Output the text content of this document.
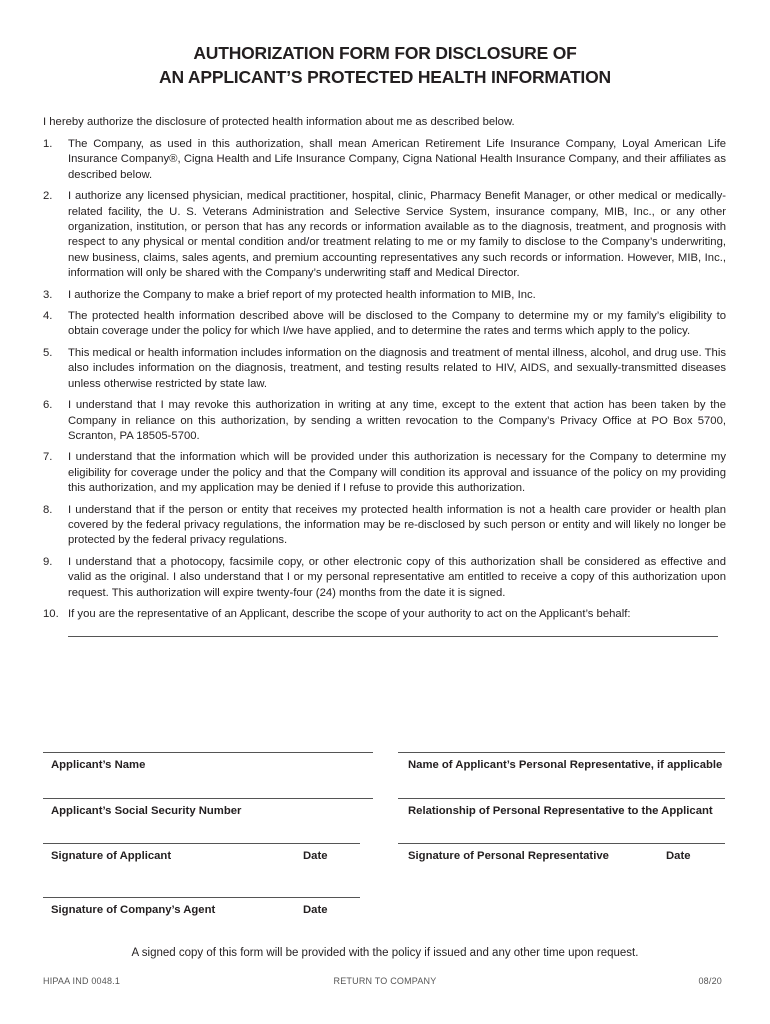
AUTHORIZATION FORM FOR DISCLOSURE OF
AN APPLICANT’S PROTECTED HEALTH INFORMATION

I hereby authorize the disclosure of protected health information about me as described below.

1. The Company, as used in this authorization, shall mean American Retirement Life Insurance Company, Loyal American Life Insurance Company®, Cigna Health and Life Insurance Company, Cigna National Health Insurance Company, and their affiliates as described below.
2. I authorize any licensed physician, medical practitioner, hospital, clinic, Pharmacy Benefit Manager, or other medical or medically-related facility, the U. S. Veterans Administration and Selective Service System, insurance company, MIB, Inc., or any other organization, institution, or person that has any records or information available as to the diagnosis, treatment, and prognosis with respect to any physical or mental condition and/or treatment relating to me or my family to disclose to the Company’s underwriting, new business, claims, sales agents, and premium accounting representatives any such records or information. However, MIB, Inc., information will only be shared with the Company’s underwriting staff and Medical Director.
3. I authorize the Company to make a brief report of my protected health information to MIB, Inc.
4. The protected health information described above will be disclosed to the Company to determine my or my family’s eligibility to obtain coverage under the policy for which I/we have applied, and to determine the rates and terms which apply to the policy.
5. This medical or health information includes information on the diagnosis and treatment of mental illness, alcohol, and drug use. This also includes information on the diagnosis, treatment, and testing results related to HIV, AIDS, and sexually-transmitted diseases unless otherwise restricted by state law.
6. I understand that I may revoke this authorization in writing at any time, except to the extent that action has been taken by the Company in reliance on this authorization, by sending a written revocation to the Company’s Privacy Office at PO Box 5700, Scranton, PA 18505-5700.
7. I understand that the information which will be provided under this authorization is necessary for the Company to determine my eligibility for coverage under the policy and that the Company will condition its approval and issuance of the policy on my providing this authorization, and my application may be denied if I refuse to provide this authorization.
8. I understand that if the person or entity that receives my protected health information is not a health care provider or health plan covered by the federal privacy regulations, the information may be re-disclosed by such person or entity and will likely no longer be protected by the federal privacy regulations.
9. I understand that a photocopy, facsimile copy, or other electronic copy of this authorization shall be considered as effective and valid as the original. I also understand that I or my personal representative am entitled to receive a copy of this authorization upon request. This authorization will expire twenty-four (24) months from the date it is signed.
10. If you are the representative of an Applicant, describe the scope of your authority to act on the Applicant’s behalf:

Applicant’s Name	Name of Applicant’s Personal Representative, if applicable

Applicant’s Social Security Number	Relationship of Personal Representative to the Applicant

Signature of Applicant	Date	Signature of Personal Representative	Date

Signature of Company’s Agent	Date

A signed copy of this form will be provided with the policy if issued and any other time upon request.

HIPAA IND 0048.1	RETURN TO COMPANY	08/20
